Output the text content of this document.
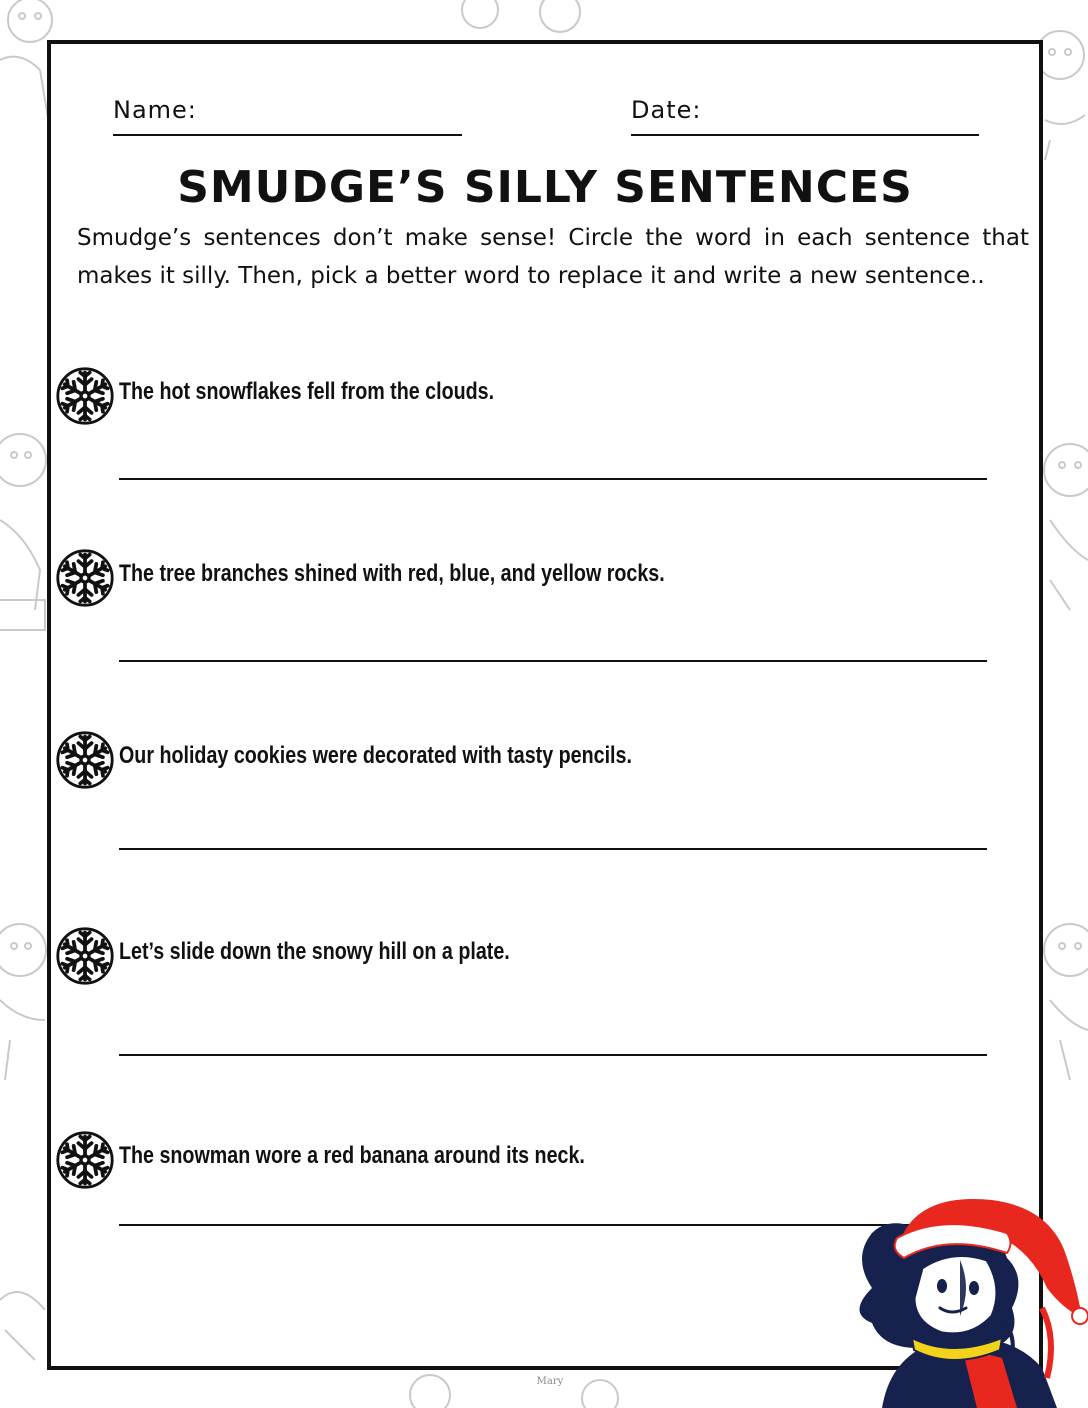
Name:	Date:
SMUDGE’S SILLY SENTENCES
Smudge’s sentences don’t make sense! Circle the word in each sentence that makes it silly. Then, pick a better word to replace it and write a new sentence..
The hot snowflakes fell from the clouds.
The tree branches shined with red, blue, and yellow rocks.
Our holiday cookies were decorated with tasty pencils.
Let’s slide down the snowy hill on a plate.
The snowman wore a red banana around its neck.
Mary
